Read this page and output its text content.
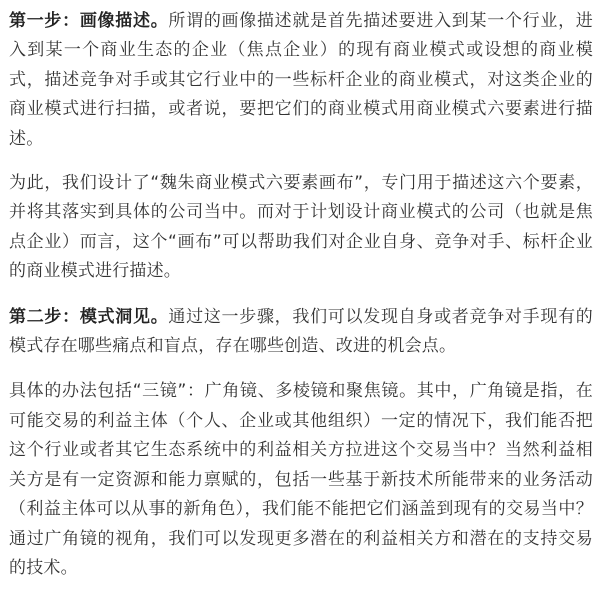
第一步：画像描述。所谓的画像描述就是首先描述要进入到某一个行业，进入到某一个商业生态的企业（焦点企业）的现有商业模式或设想的商业模式，描述竞争对手或其它行业中的一些标杆企业的商业模式，对这类企业的商业模式进行扫描，或者说，要把它们的商业模式用商业模式六要素进行描述。

为此，我们设计了“魏朱商业模式六要素画布”，专门用于描述这六个要素，并将其落实到具体的公司当中。而对于计划设计商业模式的公司（也就是焦点企业）而言，这个“画布”可以帮助我们对企业自身、竞争对手、标杆企业的商业模式进行描述。

第二步：模式洞见。通过这一步骤，我们可以发现自身或者竞争对手现有的模式存在哪些痛点和盲点，存在哪些创造、改进的机会点。

具体的办法包括“三镜”：广角镜、多棱镜和聚焦镜。其中，广角镜是指，在可能交易的利益主体（个人、企业或其他组织）一定的情况下，我们能否把这个行业或者其它生态系统中的利益相关方拉进这个交易当中？当然利益相关方是有一定资源和能力禀赋的，包括一些基于新技术所能带来的业务活动（利益主体可以从事的新角色），我们能不能把它们涵盖到现有的交易当中？通过广角镜的视角，我们可以发现更多潜在的利益相关方和潜在的支持交易的技术。
